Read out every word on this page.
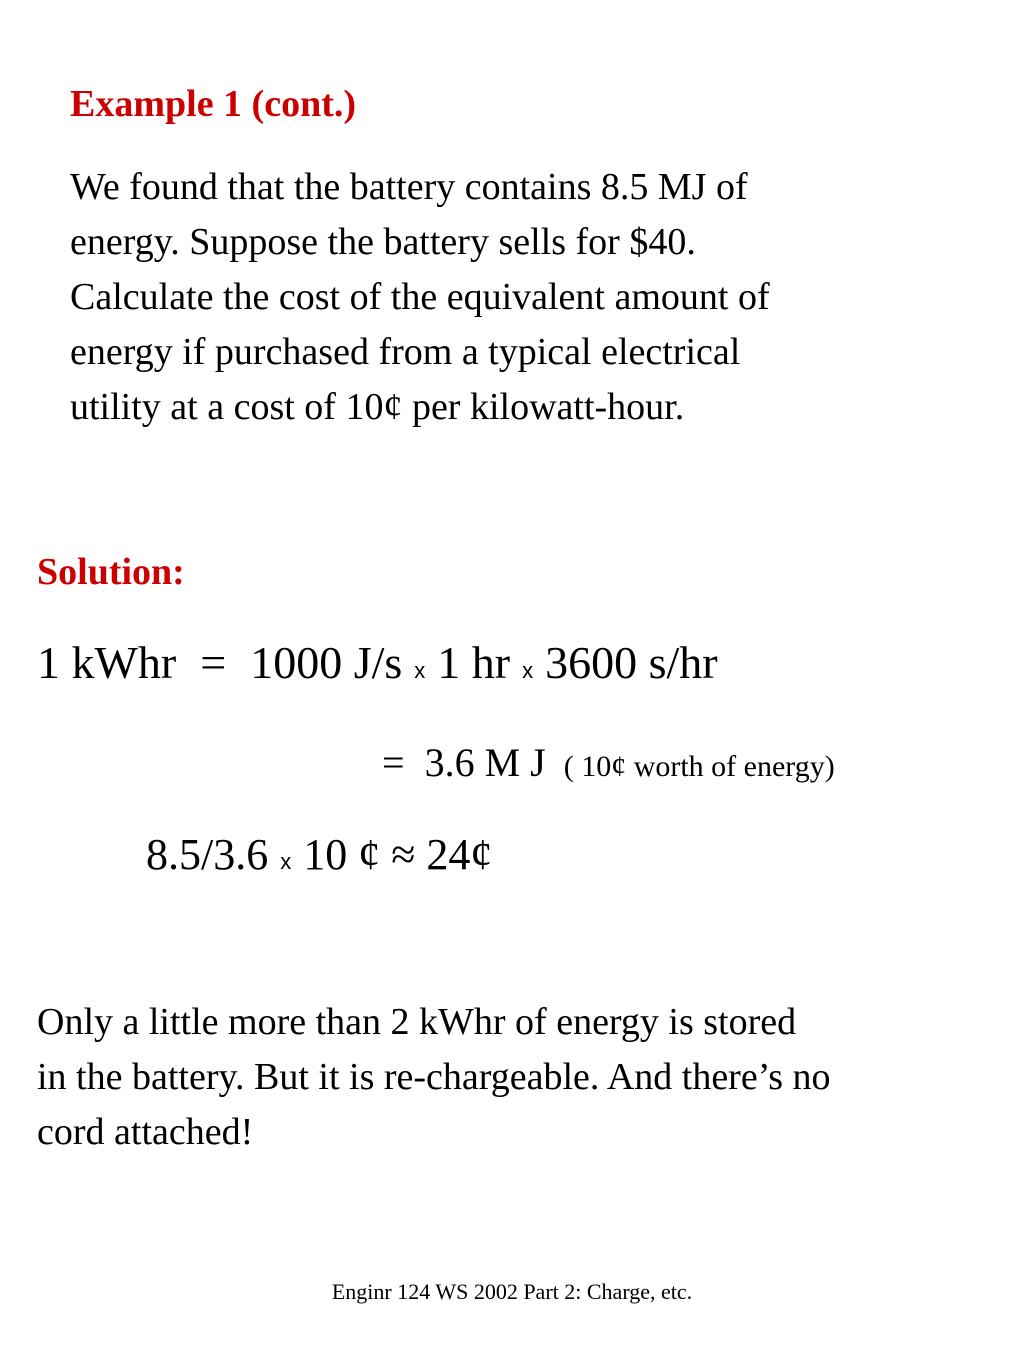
Example 1 (cont.)
We found that the battery contains 8.5 MJ of
energy. Suppose the battery sells for $40.
Calculate the cost of the equivalent amount of
energy if purchased from a typical electrical
utility at a cost of 10¢ per kilowatt-hour.
Solution:
1 kWhr = 1000 J/s x 1 hr x 3600 s/hr
= 3.6 M J ( 10¢ worth of energy)
8.5/3.6 x 10 ¢ ≈ 24¢
Only a little more than 2 kWhr of energy is stored
in the battery. But it is re-chargeable. And there’s no
cord attached!
Enginr 124 WS 2002 Part 2: Charge, etc.
